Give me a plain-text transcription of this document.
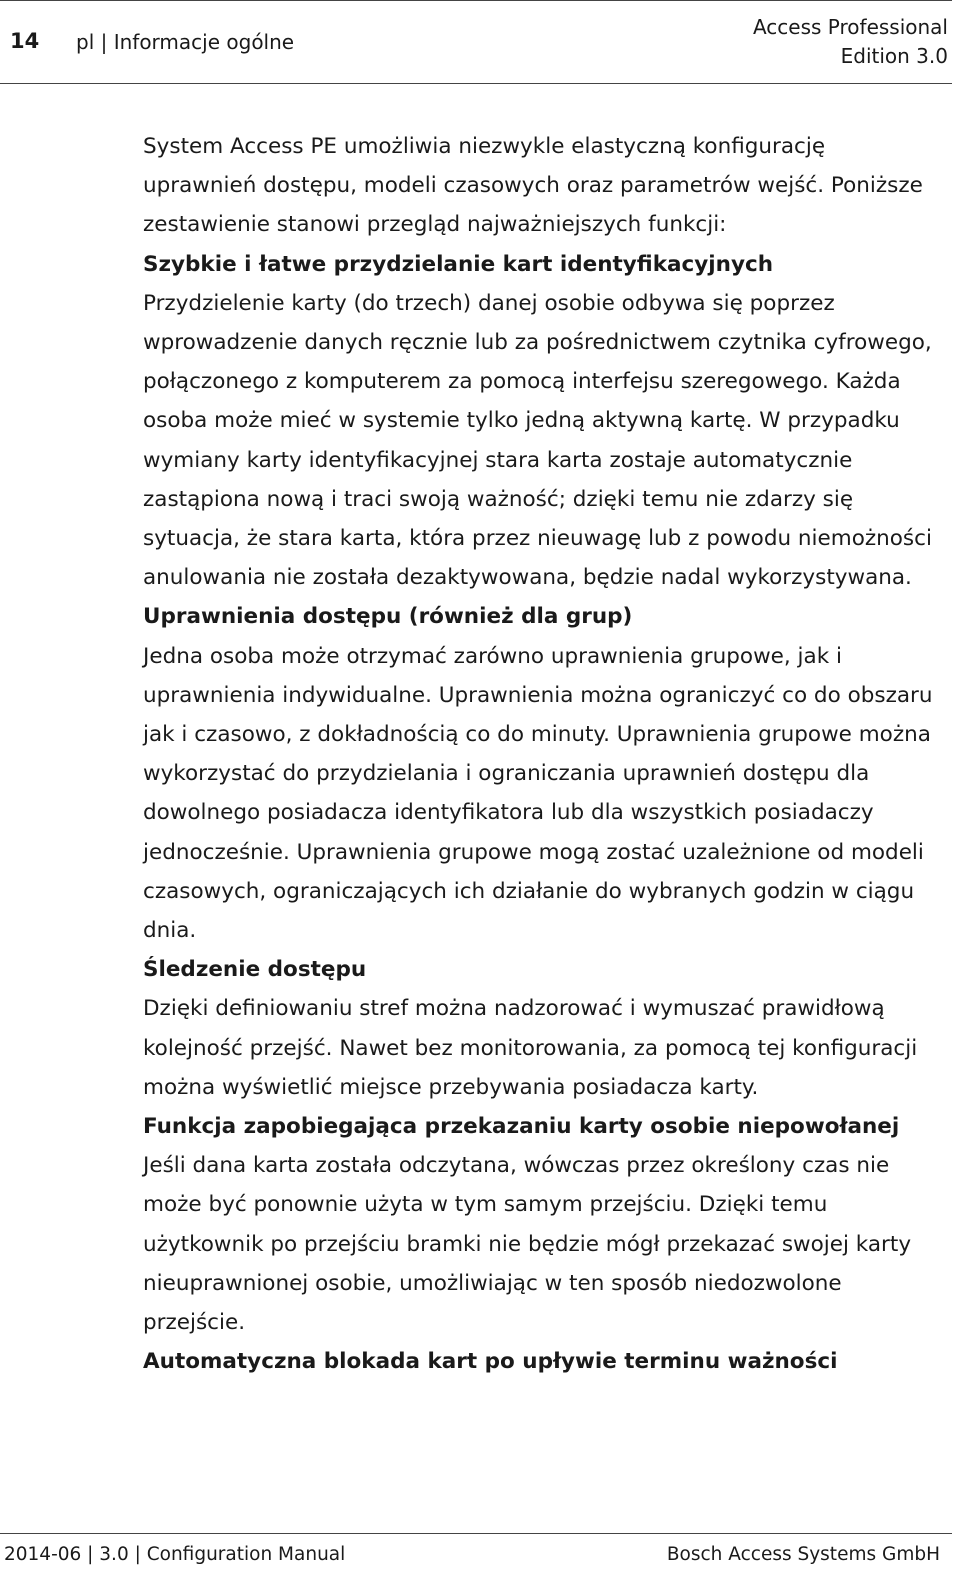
14 pl | Informacje ogólne
Access Professional
Edition 3.0

System Access PE umożliwia niezwykle elastyczną konfigurację uprawnień dostępu, modeli czasowych oraz parametrów wejść. Poniższe zestawienie stanowi przegląd najważniejszych funkcji:

Szybkie i łatwe przydzielanie kart identyfikacyjnych

Przydzielenie karty (do trzech) danej osobie odbywa się poprzez wprowadzenie danych ręcznie lub za pośrednictwem czytnika cyfrowego, połączonego z komputerem za pomocą interfejsu szeregowego. Każda osoba może mieć w systemie tylko jedną aktywną kartę. W przypadku wymiany karty identyfikacyjnej stara karta zostaje automatycznie zastąpiona nową i traci swoją ważność; dzięki temu nie zdarzy się sytuacja, że stara karta, która przez nieuwagę lub z powodu niemożności anulowania nie została dezaktywowana, będzie nadal wykorzystywana.

Uprawnienia dostępu (również dla grup)

Jedna osoba może otrzymać zarówno uprawnienia grupowe, jak i uprawnienia indywidualne. Uprawnienia można ograniczyć co do obszaru jak i czasowo, z dokładnością co do minuty. Uprawnienia grupowe można wykorzystać do przydzielania i ograniczania uprawnień dostępu dla dowolnego posiadacza identyfikatora lub dla wszystkich posiadaczy jednocześnie. Uprawnienia grupowe mogą zostać uzależnione od modeli czasowych, ograniczających ich działanie do wybranych godzin w ciągu dnia.

Śledzenie dostępu

Dzięki definiowaniu stref można nadzorować i wymuszać prawidłową kolejność przejść. Nawet bez monitorowania, za pomocą tej konfiguracji można wyświetlić miejsce przebywania posiadacza karty.

Funkcja zapobiegająca przekazaniu karty osobie niepowołanej

Jeśli dana karta została odczytana, wówczas przez określony czas nie może być ponownie użyta w tym samym przejściu. Dzięki temu użytkownik po przejściu bramki nie będzie mógł przekazać swojej karty nieuprawnionej osobie, umożliwiając w ten sposób niedozwolone przejście.

Automatyczna blokada kart po upływie terminu ważności
2014-06 | 3.0 | Configuration Manual	Bosch Access Systems GmbH
